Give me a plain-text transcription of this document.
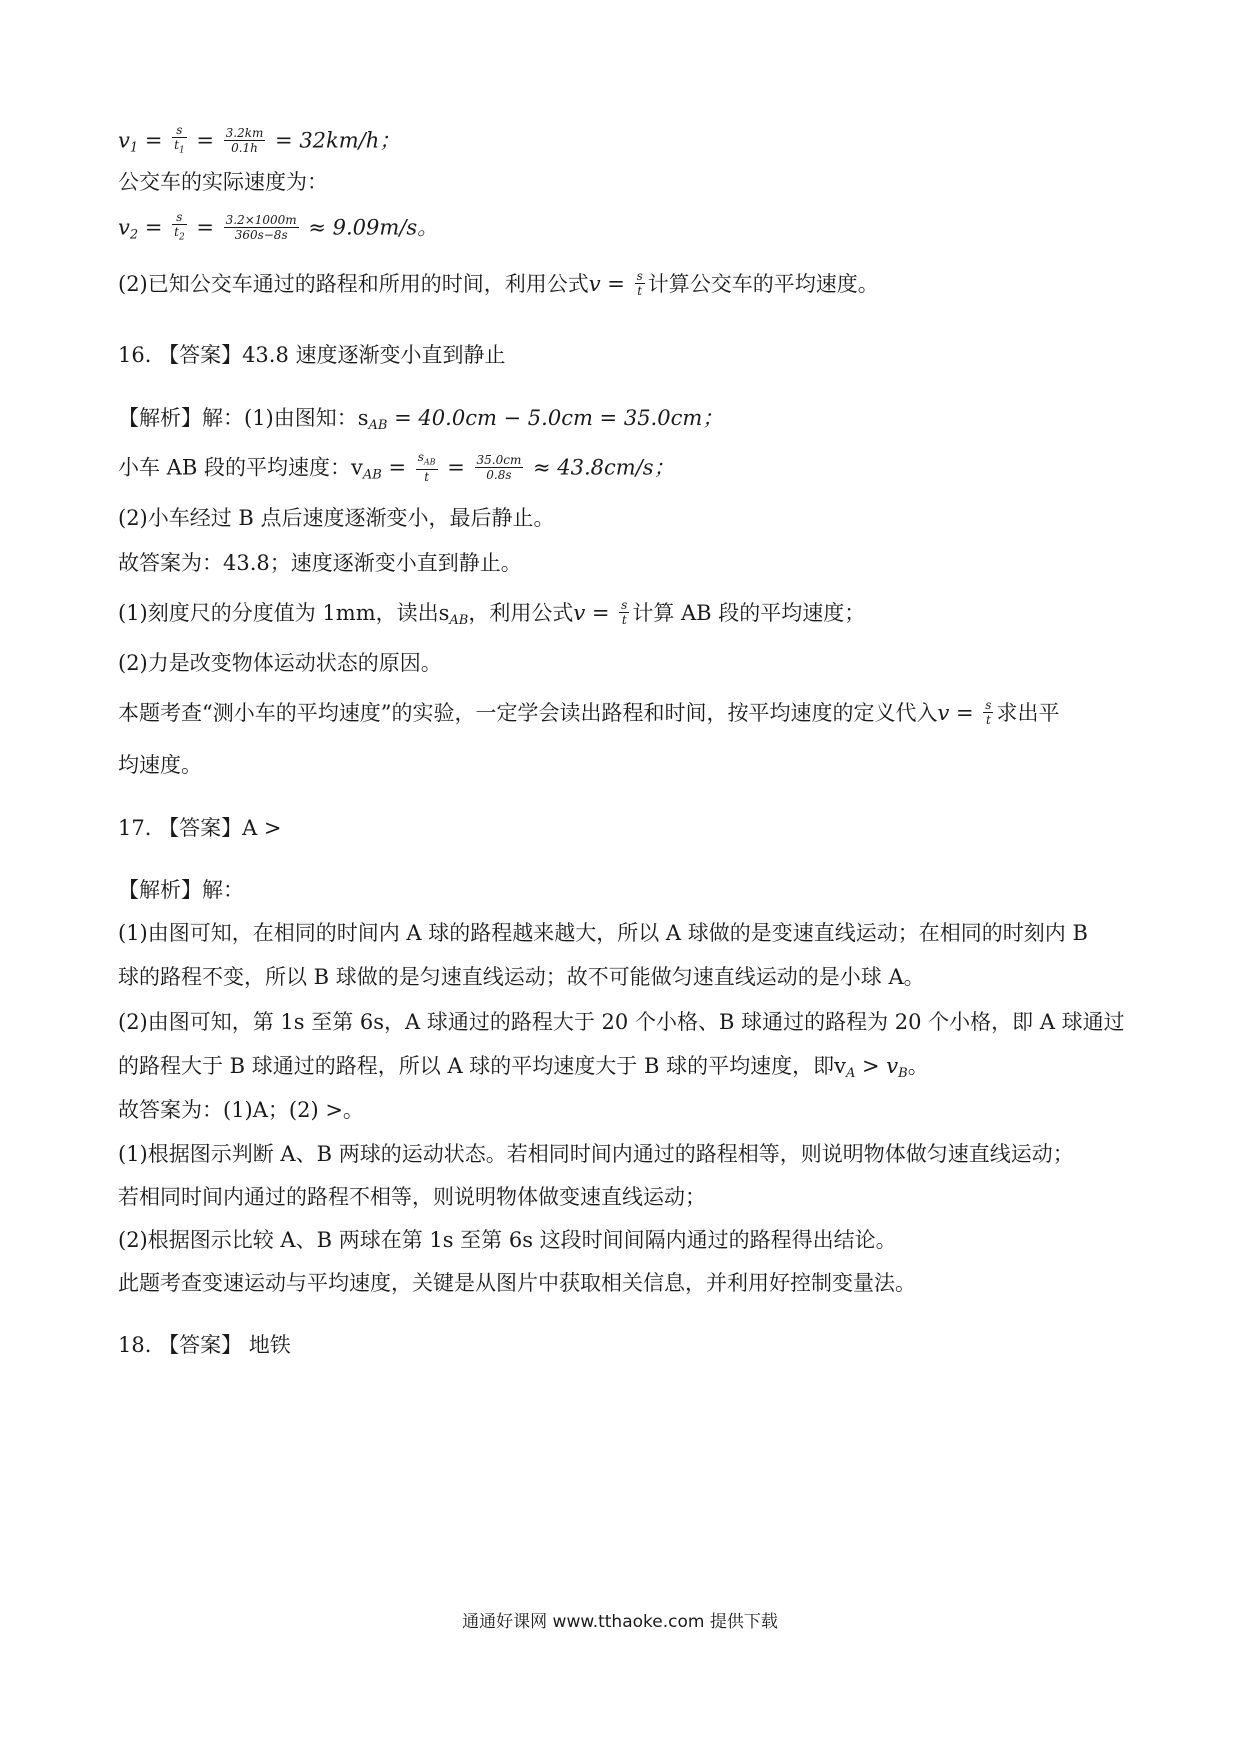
$v_1 = \frac{s}{t_1} = \frac{3.2km}{0.1h} = 32km/h$；
公交车的实际速度为：
$v_2 = \frac{s}{t_2} = \frac{3.2\times 1000m}{360s-8s} \approx 9.09m/s$。
(2)已知公交车通过的路程和所用的时间，利用公式$v = \frac{s}{t}$ 计算公交车的平均速度。
16. 【答案】43.8 速度逐渐变小直到静止
【解析】解：(1)由图知：$s_{AB} = 40.0cm - 5.0cm = 35.0cm$；
小车 AB 段的平均速度：$v_{AB} = \frac{s_{AB}}{t} = \frac{35.0cm}{0.8s} \approx 43.8cm/s$；
(2)小车经过 B 点后速度逐渐变小，最后静止。
故答案为：43.8；速度逐渐变小直到静止。
(1)刻度尺的分度值为 1mm，读出$s_{AB}$，利用公式$v = \frac{s}{t}$ 计算 AB 段的平均速度；
(2)力是改变物体运动状态的原因。
本题考查“测小车的平均速度”的实验，一定学会读出路程和时间，按平均速度的定义代入$v = \frac{s}{t}$ 求出平
均速度。
17. 【答案】A >
【解析】解：
(1)由图可知，在相同的时间内 A 球的路程越来越大，所以 A 球做的是变速直线运动；在相同的时刻内 B
球的路程不变，所以 B 球做的是匀速直线运动；故不可能做匀速直线运动的是小球 A。
(2)由图可知，第 1s 至第 6s，A 球通过的路程大于 20 个小格、B 球通过的路程为 20 个小格，即 A 球通过
的路程大于 B 球通过的路程，所以 A 球的平均速度大于 B 球的平均速度，即$v_A > v_B$。
故答案为：(1)A；(2) >。
(1)根据图示判断 A、B 两球的运动状态。若相同时间内通过的路程相等，则说明物体做匀速直线运动；
若相同时间内通过的路程不相等，则说明物体做变速直线运动；
(2)根据图示比较 A、B 两球在第 1s 至第 6s 这段时间间隔内通过的路程得出结论。
此题考查变速运动与平均速度，关键是从图片中获取相关信息，并利用好控制变量法。
18. 【答案】 地铁
通通好课网 www.tthaoke.com 提供下载
